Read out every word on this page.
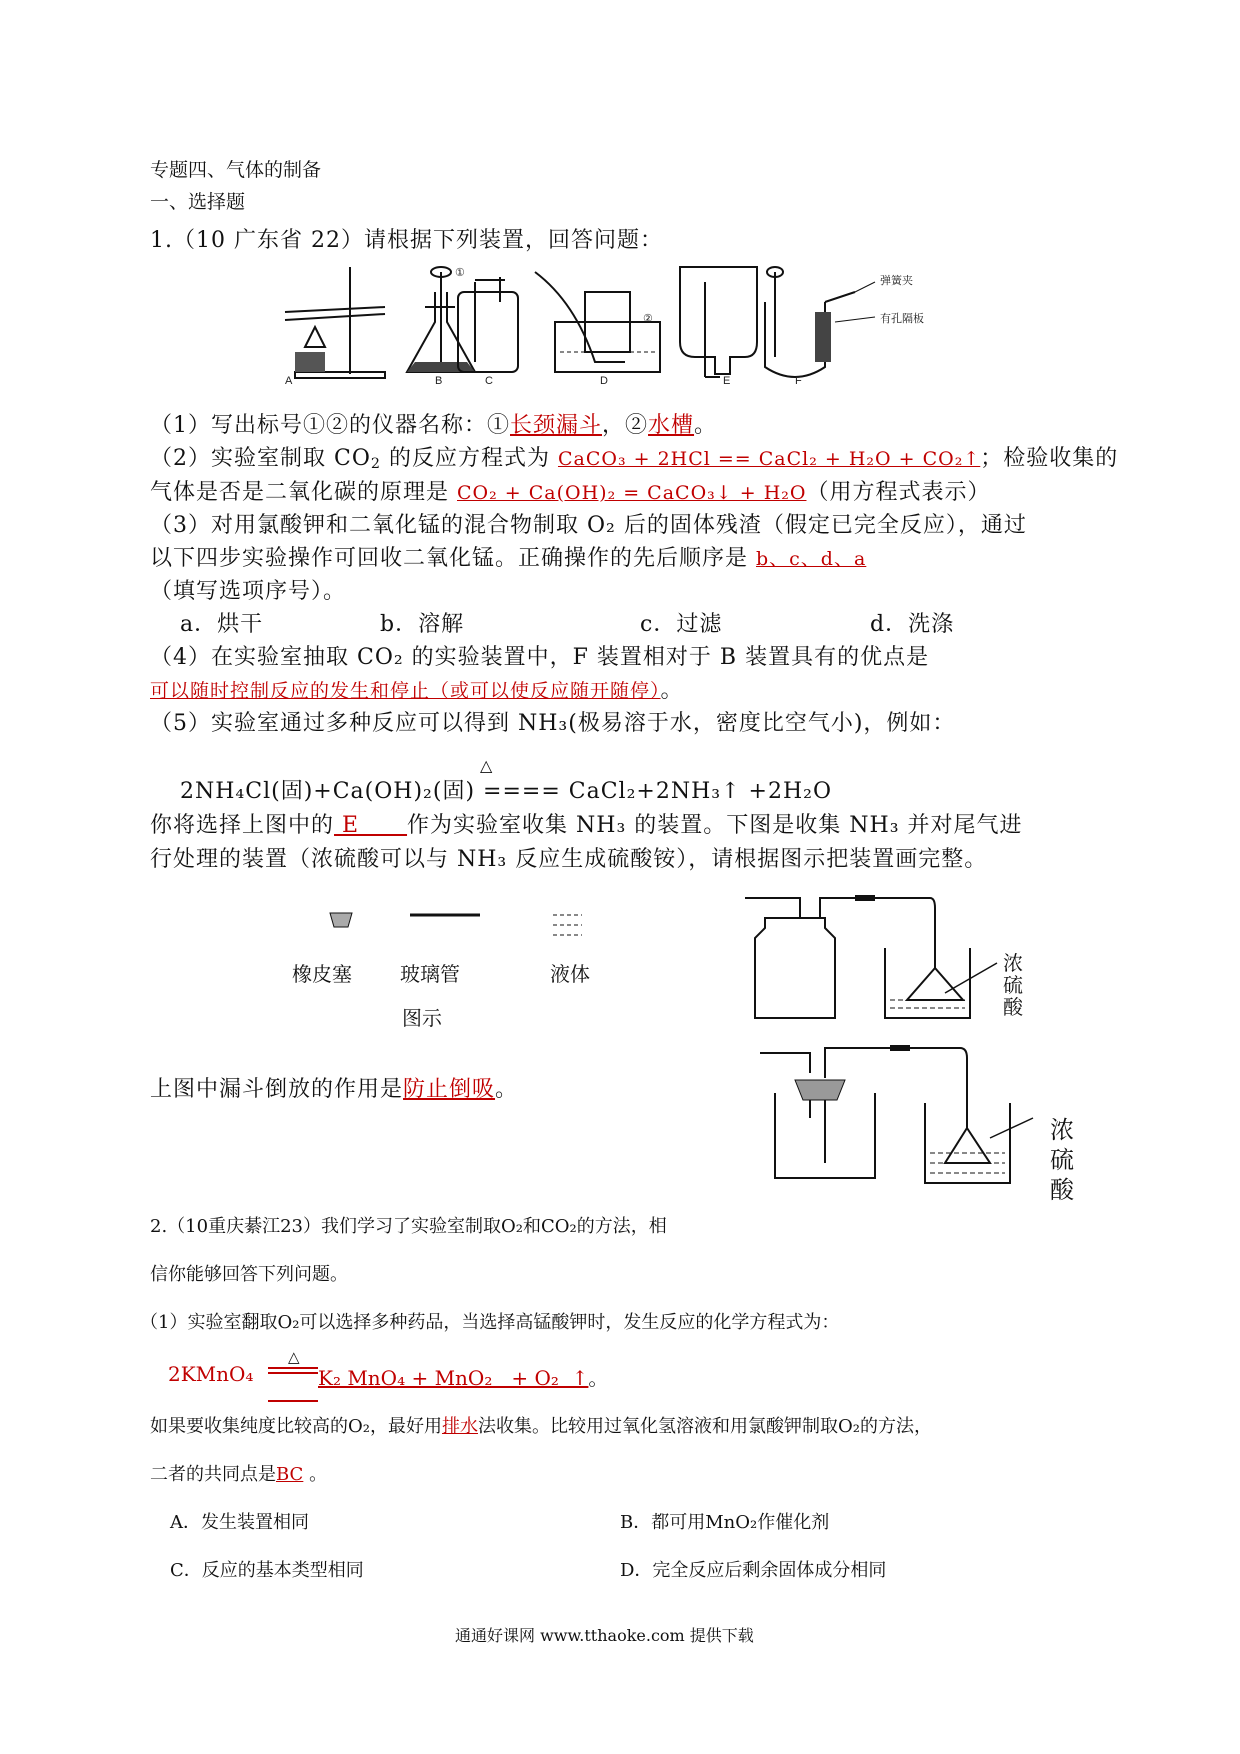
专题四、气体的制备
一、选择题
1.（10 广东省 22）请根据下列装置，回答问题：
A	B	C	D	E	F
①
②
弹簧夹
有孔隔板
（1）写出标号①②的仪器名称：①长颈漏斗，②水槽。
（2）实验室制取 $CO_2$ 的反应方程式为 CaCO₃ + 2HCl == CaCl₂ + H₂O + CO₂↑；检验收集的
气体是否是二氧化碳的原理是 CO₂ + Ca(OH)₂ = CaCO₃↓ + H₂O（用方程式表示）
（3）对用氯酸钾和二氧化锰的混合物制取 O₂ 后的固体残渣（假定已完全反应），通过
以下四步实验操作可回收二氧化锰。正确操作的先后顺序是 b、c、d、a
（填写选项序号）。
a．烘干	b．溶解	c．过滤	d．洗涤
（4）在实验室抽取 CO₂ 的实验装置中，F 装置相对于 B 装置具有的优点是
可以随时控制反应的发生和停止（或可以使反应随开随停）。
（5）实验室通过多种反应可以得到 NH₃(极易溶于水，密度比空气小)，例如：
△
2NH₄Cl(固)+Ca(OH)₂(固) ==== CaCl₂+2NH₃↑ +2H₂O
你将选择上图中的 E      作为实验室收集 NH₃ 的装置。下图是收集 NH₃ 并对尾气进
行处理的装置（浓硫酸可以与 NH₃ 反应生成硫酸铵），请根据图示把装置画完整。
橡皮塞 玻璃管	液体
图示
浓
硫
酸
浓
硫
酸
上图中漏斗倒放的作用是防止倒吸。
2.（10重庆綦江23）我们学习了实验室制取O₂和CO₂的方法，相
信你能够回答下列问题。
（1）实验室翻取O₂可以选择多种药品，当选择高锰酸钾时，发生反应的化学方程式为：
△
2KMnO₄	K₂ MnO₄ + MnO₂   + O₂  ↑。
如果要收集纯度比较高的O₂，最好用排水法收集。比较用过氧化氢溶液和用氯酸钾制取O₂的方法，
二者的共同点是BC 。
A．发生装置相同	B．都可用MnO₂作催化剂
C．反应的基本类型相同	D．完全反应后剩余固体成分相同
通通好课网 www.tthaoke.com 提供下载
